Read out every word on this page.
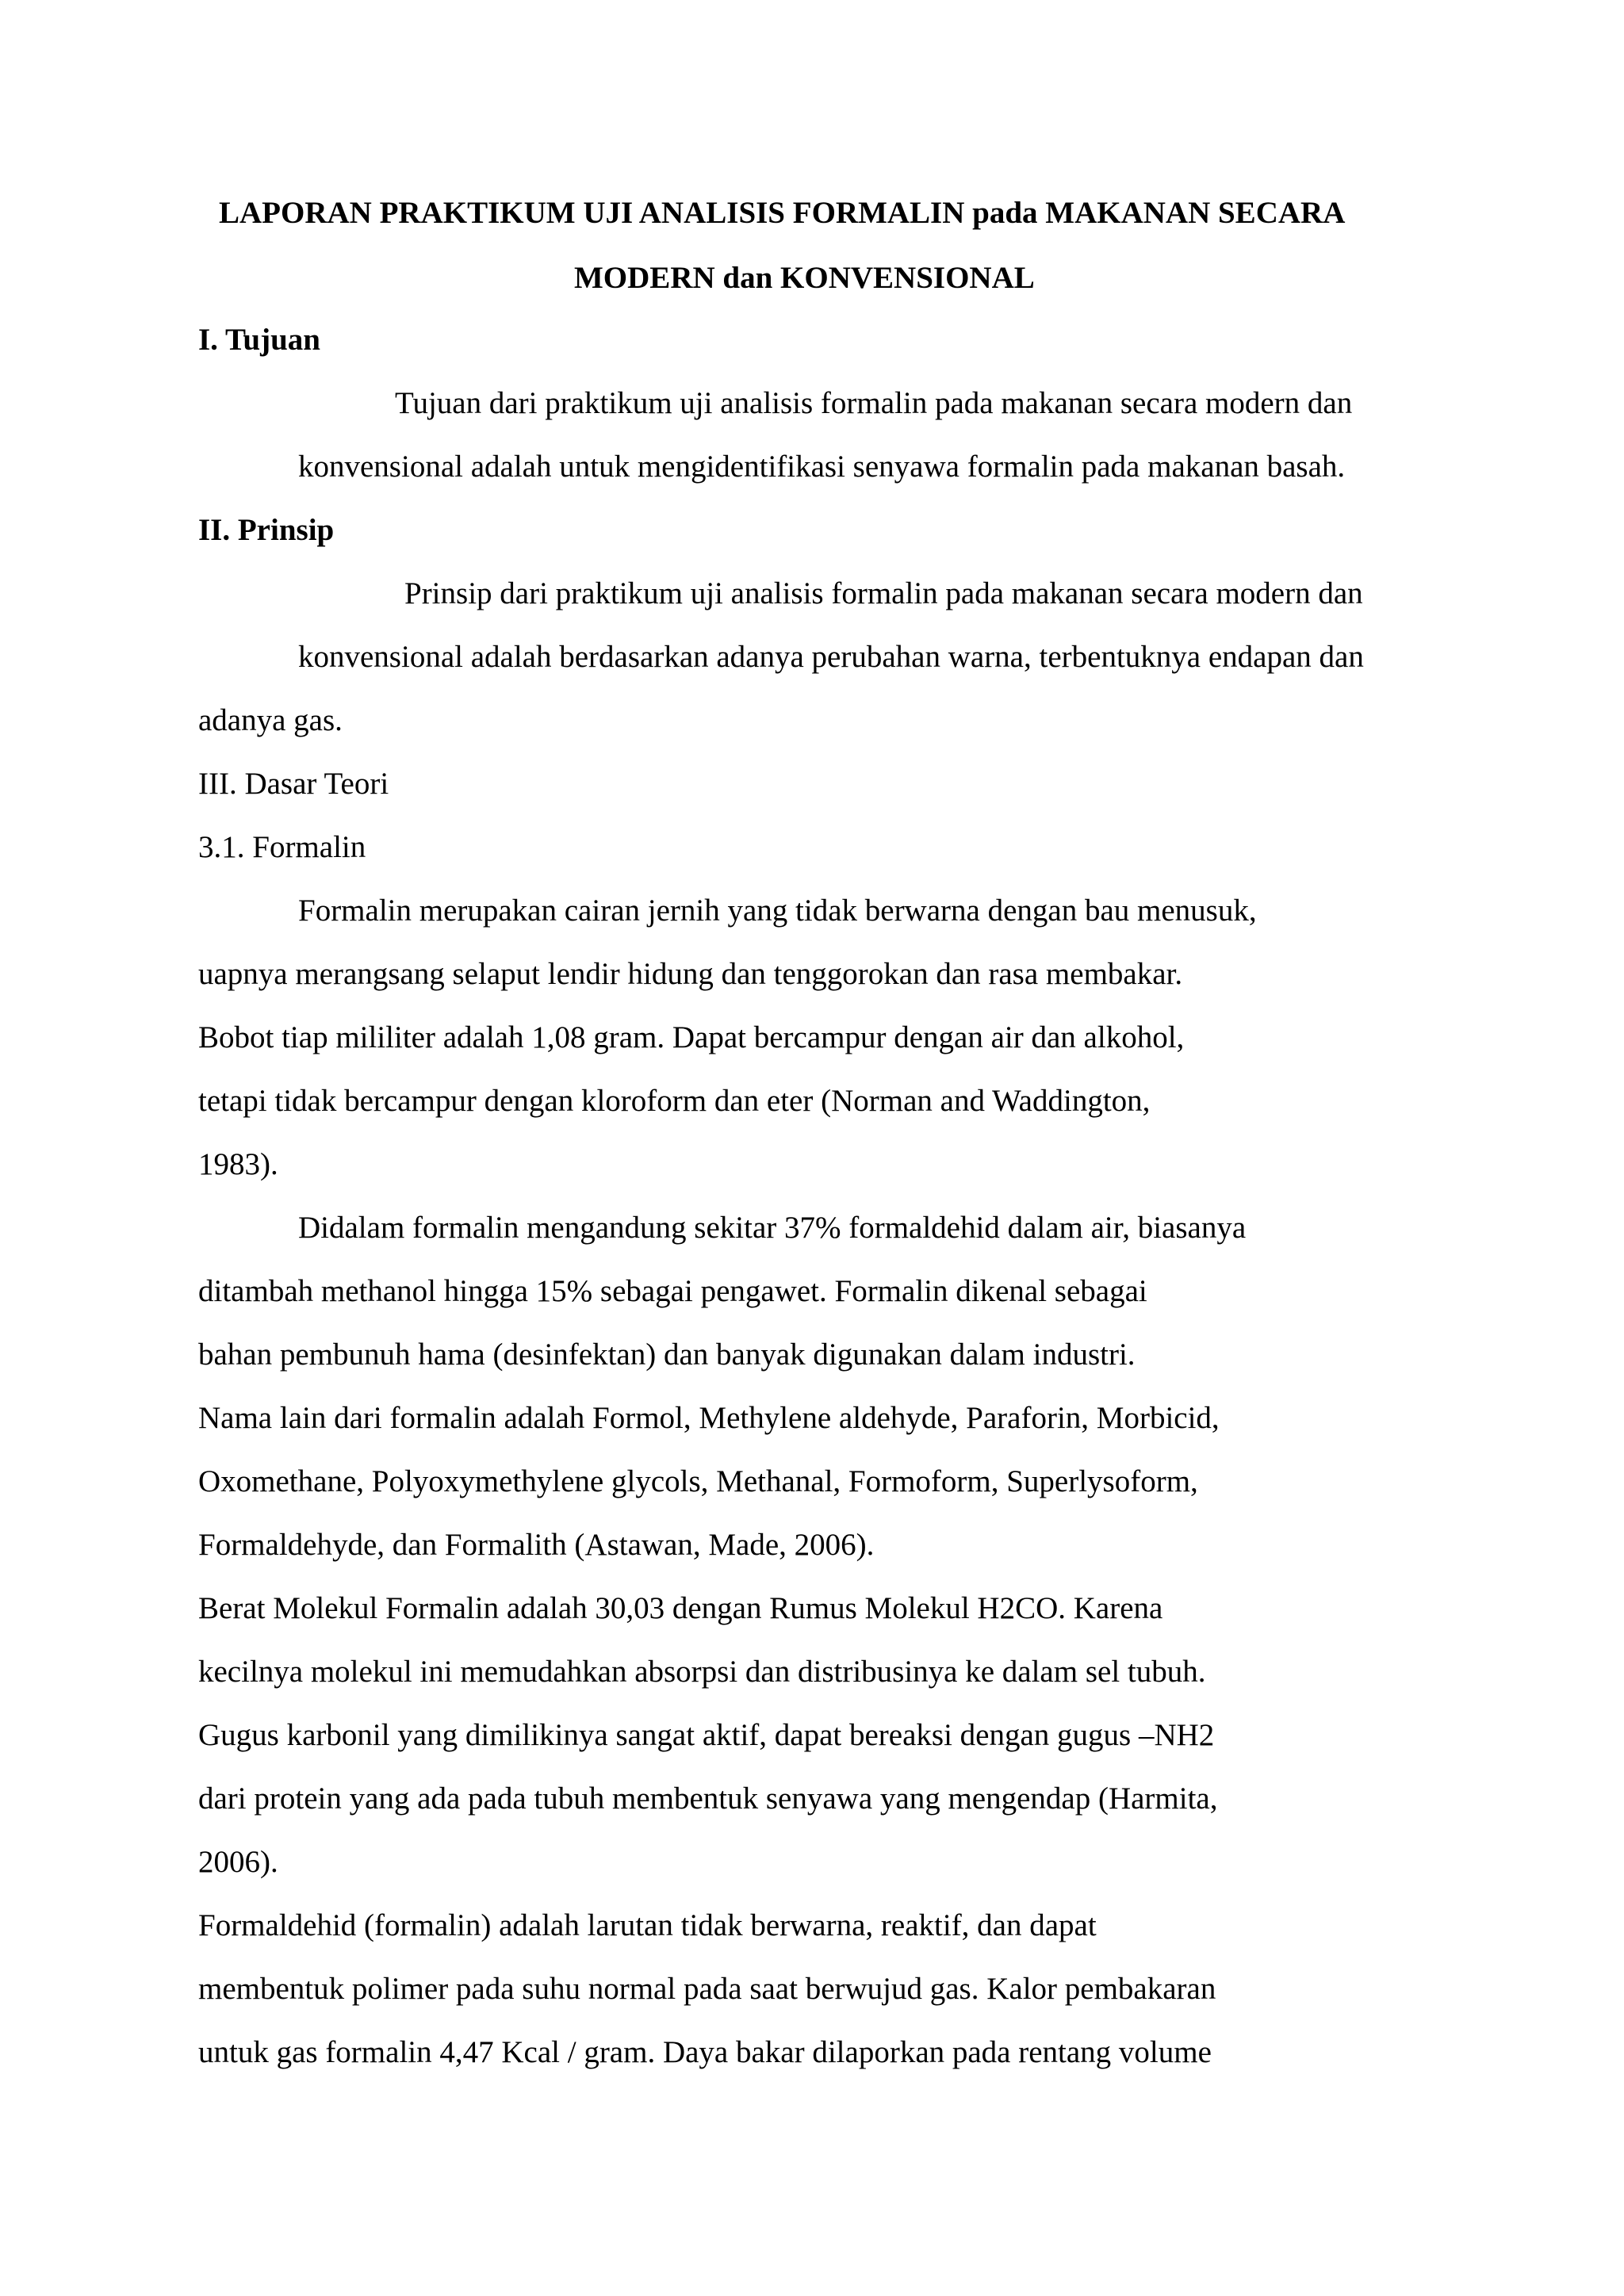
LAPORAN PRAKTIKUM UJI ANALISIS FORMALIN pada MAKANAN SECARA
MODERN dan KONVENSIONAL
I. Tujuan
Tujuan dari praktikum uji analisis formalin pada makanan secara modern dan
konvensional adalah untuk mengidentifikasi senyawa formalin pada makanan basah.
II. Prinsip
Prinsip dari praktikum uji analisis formalin pada makanan secara modern dan
konvensional adalah berdasarkan adanya perubahan warna, terbentuknya endapan dan
adanya gas.
III. Dasar Teori
3.1. Formalin
Formalin merupakan cairan jernih yang tidak berwarna dengan bau menusuk,
uapnya merangsang selaput lendir hidung dan tenggorokan dan rasa membakar.
Bobot tiap mililiter adalah 1,08 gram. Dapat bercampur dengan air dan alkohol,
tetapi tidak bercampur dengan kloroform dan eter (Norman and Waddington,
1983).
Didalam formalin mengandung sekitar 37% formaldehid dalam air, biasanya
ditambah methanol hingga 15% sebagai pengawet. Formalin dikenal sebagai
bahan pembunuh hama (desinfektan) dan banyak digunakan dalam industri.
Nama lain dari formalin adalah Formol, Methylene aldehyde, Paraforin, Morbicid,
Oxomethane, Polyoxymethylene glycols, Methanal, Formoform, Superlysoform,
Formaldehyde, dan Formalith (Astawan, Made, 2006).
Berat Molekul Formalin adalah 30,03 dengan Rumus Molekul H2CO. Karena
kecilnya molekul ini memudahkan absorpsi dan distribusinya ke dalam sel tubuh.
Gugus karbonil yang dimilikinya sangat aktif, dapat bereaksi dengan gugus –NH2
dari protein yang ada pada tubuh membentuk senyawa yang mengendap (Harmita,
2006).
Formaldehid (formalin) adalah larutan tidak berwarna, reaktif, dan dapat
membentuk polimer pada suhu normal pada saat berwujud gas. Kalor pembakaran
untuk gas formalin 4,47 Kcal / gram. Daya bakar dilaporkan pada rentang volume
